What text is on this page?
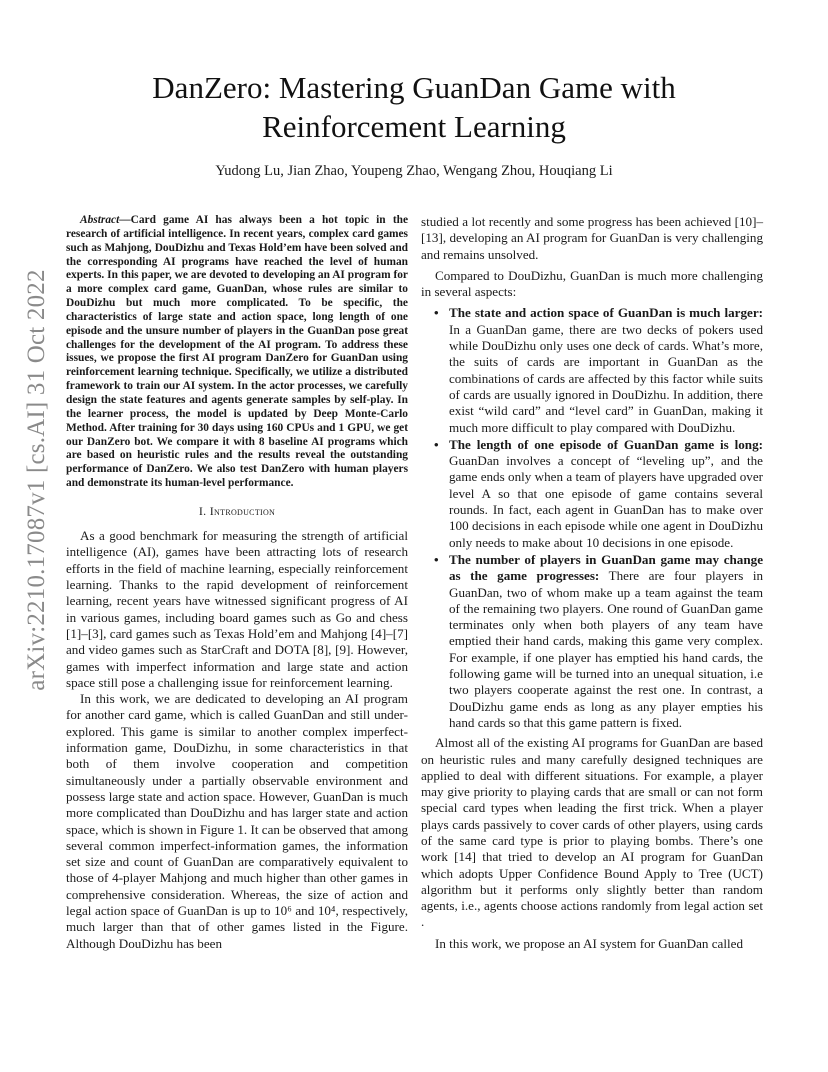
arXiv:2210.17087v1 [cs.AI] 31 Oct 2022
DanZero: Mastering GuanDan Game with Reinforcement Learning
Yudong Lu, Jian Zhao, Youpeng Zhao, Wengang Zhou, Houqiang Li

Abstract—Card game AI has always been a hot topic in the research of artificial intelligence. In recent years, complex card games such as Mahjong, DouDizhu and Texas Hold’em have been solved and the corresponding AI programs have reached the level of human experts. In this paper, we are devoted to developing an AI program for a more complex card game, GuanDan, whose rules are similar to DouDizhu but much more complicated. To be specific, the characteristics of large state and action space, long length of one episode and the unsure number of players in the GuanDan pose great challenges for the development of the AI program. To address these issues, we propose the first AI program DanZero for GuanDan using reinforcement learning technique. Specifically, we utilize a distributed framework to train our AI system. In the actor processes, we carefully design the state features and agents generate samples by self-play. In the learner process, the model is updated by Deep Monte-Carlo Method. After training for 30 days using 160 CPUs and 1 GPU, we get our DanZero bot. We compare it with 8 baseline AI programs which are based on heuristic rules and the results reveal the outstanding performance of DanZero. We also test DanZero with human players and demonstrate its human-level performance.

I. Introduction

As a good benchmark for measuring the strength of artificial intelligence (AI), games have been attracting lots of research efforts in the field of machine learning, especially reinforcement learning. Thanks to the rapid development of reinforcement learning, recent years have witnessed significant progress of AI in various games, including board games such as Go and chess [1]–[3], card games such as Texas Hold’em and Mahjong [4]–[7] and video games such as StarCraft and DOTA [8], [9]. However, games with imperfect information and large state and action space still pose a challenging issue for reinforcement learning.

In this work, we are dedicated to developing an AI program for another card game, which is called GuanDan and still under-explored. This game is similar to another complex imperfect-information game, DouDizhu, in some characteristics in that both of them involve cooperation and competition simultaneously under a partially observable environment and possess large state and action space. However, GuanDan is much more complicated than DouDizhu and has larger state and action space, which is shown in Figure 1. It can be observed that among several common imperfect-information games, the information set size and count of GuanDan are comparatively equivalent to those of 4-player Mahjong and much higher than other games in comprehensive consideration. Whereas, the size of action and legal action space of GuanDan is up to 10⁶ and 10⁴, respectively, much larger than that of other games listed in the Figure. Although DouDizhu has been

studied a lot recently and some progress has been achieved [10]–[13], developing an AI program for GuanDan is very challenging and remains unsolved.

Compared to DouDizhu, GuanDan is much more challenging in several aspects:

• The state and action space of GuanDan is much larger: In a GuanDan game, there are two decks of pokers used while DouDizhu only uses one deck of cards. What’s more, the suits of cards are important in GuanDan as the combinations of cards are affected by this factor while suits of cards are usually ignored in DouDizhu. In addition, there exist “wild card” and “level card” in GuanDan, making it much more difficult to play compared with DouDizhu.
• The length of one episode of GuanDan game is long: GuanDan involves a concept of “leveling up”, and the game ends only when a team of players have upgraded over level A so that one episode of game contains several rounds. In fact, each agent in GuanDan has to make over 100 decisions in each episode while one agent in DouDizhu only needs to make about 10 decisions in one episode.
• The number of players in GuanDan game may change as the game progresses: There are four players in GuanDan, two of whom make up a team against the team of the remaining two players. One round of GuanDan game terminates only when both players of any team have emptied their hand cards, making this game very complex. For example, if one player has emptied his hand cards, the following game will be turned into an unequal situation, i.e two players cooperate against the rest one. In contrast, a DouDizhu game ends as long as any player empties his hand cards so that this game pattern is fixed.

Almost all of the existing AI programs for GuanDan are based on heuristic rules and many carefully designed techniques are applied to deal with different situations. For example, a player may give priority to playing cards that are small or can not form special card types when leading the first trick. When a player plays cards passively to cover cards of other players, using cards of the same card type is prior to playing bombs. There’s one work [14] that tried to develop an AI program for GuanDan which adopts Upper Confidence Bound Apply to Tree (UCT) algorithm but it performs only slightly better than random agents, i.e., agents choose actions randomly from legal action set .

In this work, we propose an AI system for GuanDan called
